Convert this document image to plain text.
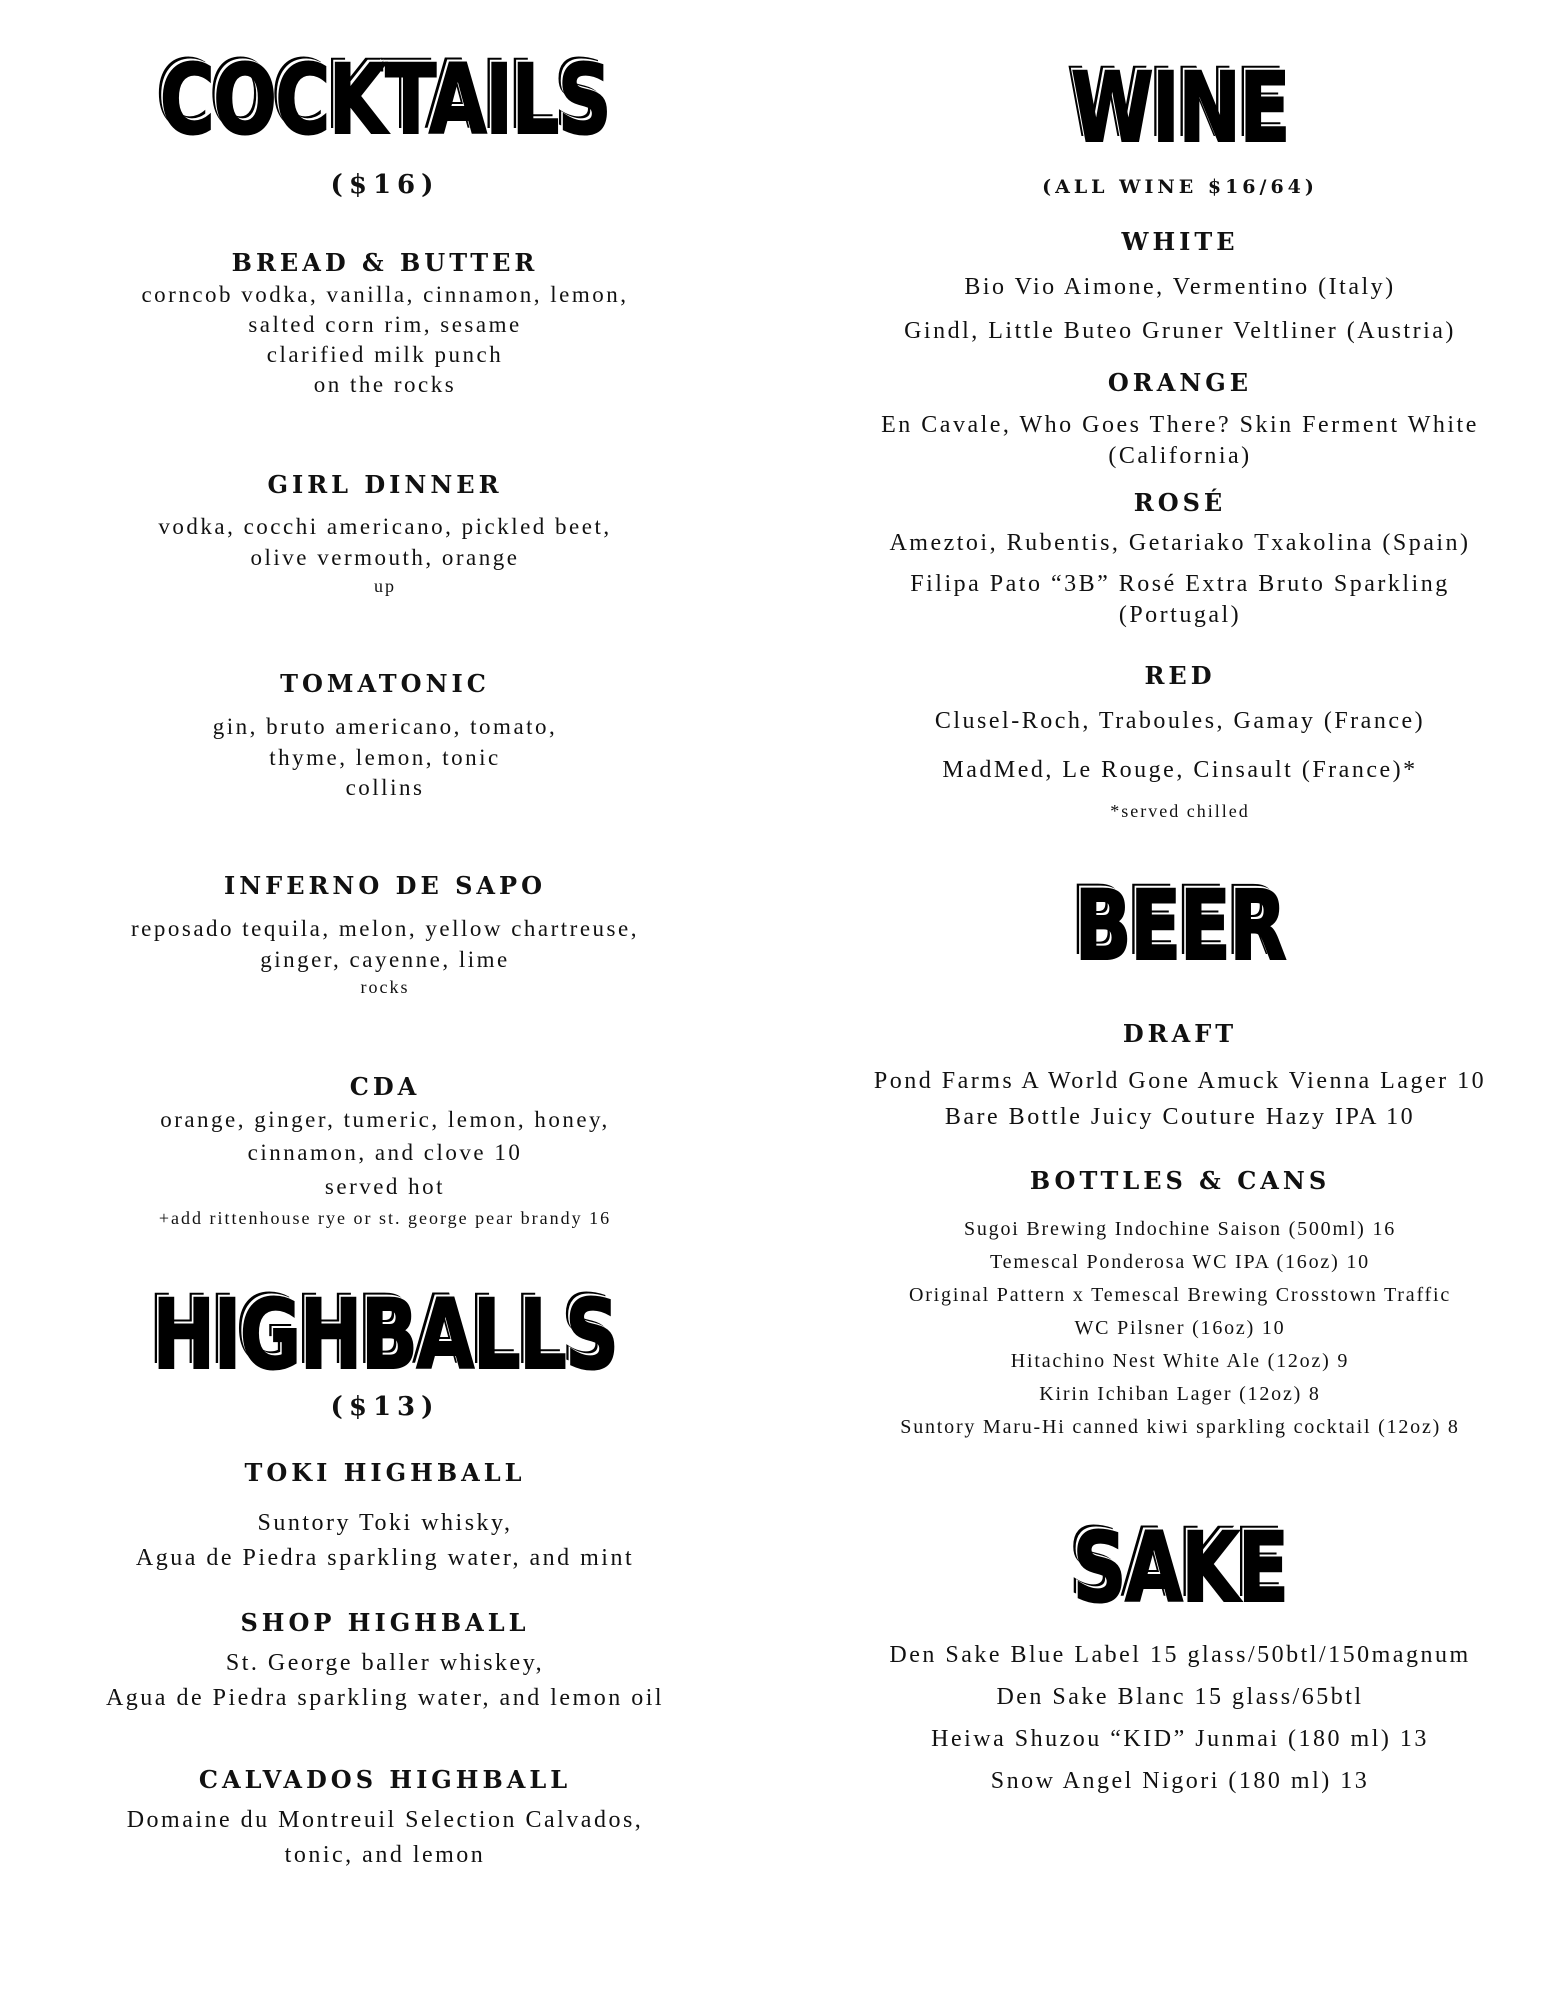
COCKTAILS
($16)
BREAD & BUTTER
corncob vodka, vanilla, cinnamon, lemon,
salted corn rim, sesame
clarified milk punch
on the rocks
GIRL DINNER
vodka, cocchi americano, pickled beet,
olive vermouth, orange
up
TOMATONIC
gin, bruto americano, tomato,
thyme, lemon, tonic
collins
INFERNO DE SAPO
reposado tequila, melon, yellow chartreuse,
ginger, cayenne, lime
rocks
CDA
orange, ginger, tumeric, lemon, honey,
cinnamon, and clove 10
served hot
+add rittenhouse rye or st. george pear brandy 16
HIGHBALLS
($13)
TOKI HIGHBALL
Suntory Toki whisky,
Agua de Piedra sparkling water, and mint
SHOP HIGHBALL
St. George baller whiskey,
Agua de Piedra sparkling water, and lemon oil
CALVADOS HIGHBALL
Domaine du Montreuil Selection Calvados,
tonic, and lemon
WINE
(ALL WINE $16/64)
WHITE
Bio Vio Aimone, Vermentino (Italy)
Gindl, Little Buteo Gruner Veltliner (Austria)
ORANGE
En Cavale, Who Goes There? Skin Ferment White
(California)
ROSÉ
Ameztoi, Rubentis, Getariako Txakolina (Spain)
Filipa Pato “3B” Rosé Extra Bruto Sparkling
(Portugal)
RED
Clusel-Roch, Traboules, Gamay (France)
MadMed, Le Rouge, Cinsault (France)*
*served chilled
BEER
DRAFT
Pond Farms A World Gone Amuck Vienna Lager 10
Bare Bottle Juicy Couture Hazy IPA 10
BOTTLES & CANS
Sugoi Brewing Indochine Saison (500ml) 16
Temescal Ponderosa WC IPA (16oz) 10
Original Pattern x Temescal Brewing Crosstown Traffic
WC Pilsner (16oz) 10
Hitachino Nest White Ale (12oz) 9
Kirin Ichiban Lager (12oz) 8
Suntory Maru-Hi canned kiwi sparkling cocktail (12oz) 8
SAKE
Den Sake Blue Label 15 glass/50btl/150magnum
Den Sake Blanc 15 glass/65btl
Heiwa Shuzou “KID” Junmai (180 ml) 13
Snow Angel Nigori (180 ml) 13
